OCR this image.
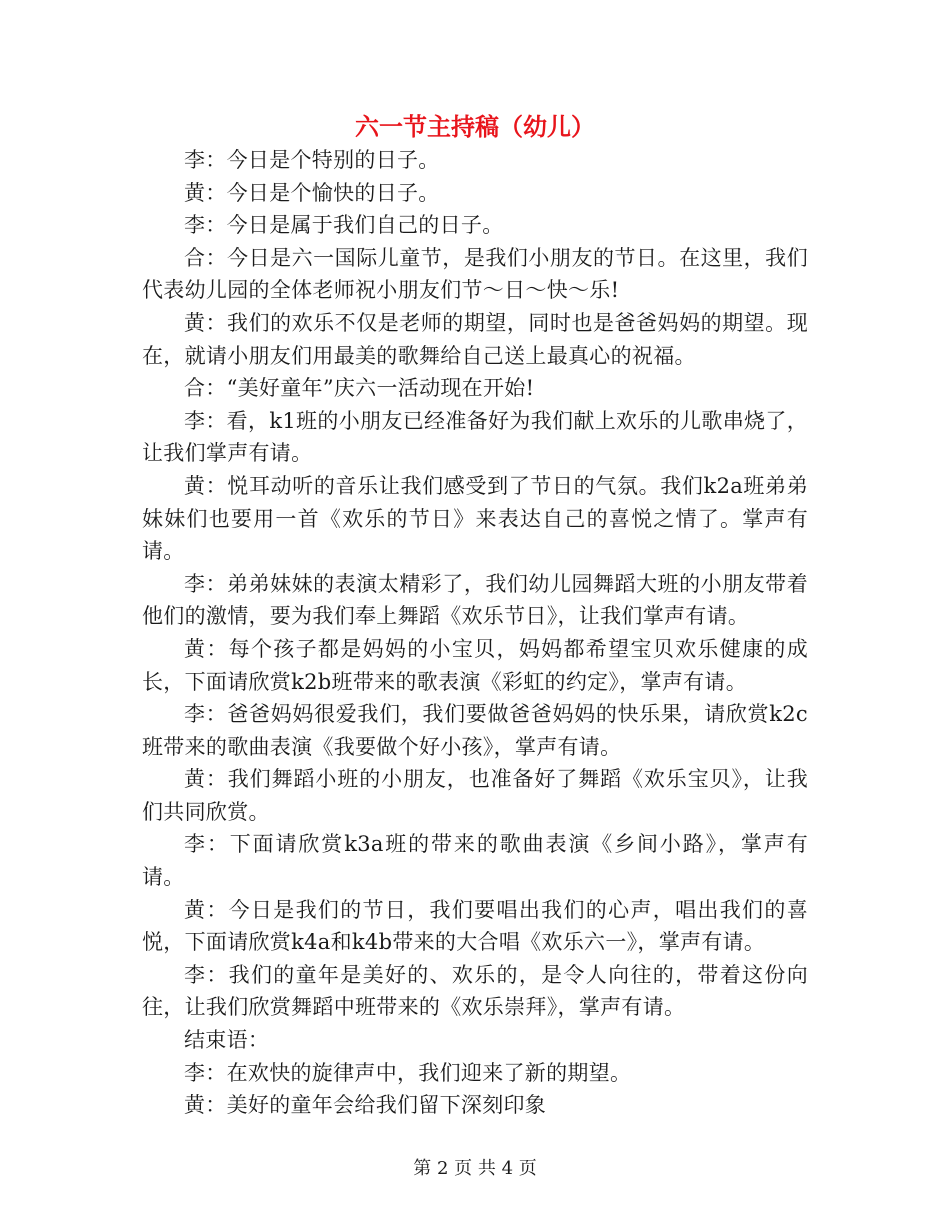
六一节主持稿（幼儿）

李：今日是个特别的日子。

黄：今日是个愉快的日子。

李：今日是属于我们自己的日子。

合：今日是六一国际儿童节，是我们小朋友的节日。在这里，我们代表幼儿园的全体老师祝小朋友们节～日～快～乐!

黄：我们的欢乐不仅是老师的期望，同时也是爸爸妈妈的期望。现在，就请小朋友们用最美的歌舞给自己送上最真心的祝福。

合：“美好童年”庆六一活动现在开始!

李：看，k1班的小朋友已经准备好为我们献上欢乐的儿歌串烧了，让我们掌声有请。

黄：悦耳动听的音乐让我们感受到了节日的气氛。我们k2a班弟弟妹妹们也要用一首《欢乐的节日》来表达自己的喜悦之情了。掌声有请。

李：弟弟妹妹的表演太精彩了，我们幼儿园舞蹈大班的小朋友带着他们的激情，要为我们奉上舞蹈《欢乐节日》，让我们掌声有请。

黄：每个孩子都是妈妈的小宝贝，妈妈都希望宝贝欢乐健康的成长，下面请欣赏k2b班带来的歌表演《彩虹的约定》，掌声有请。

李：爸爸妈妈很爱我们，我们要做爸爸妈妈的快乐果，请欣赏k2c班带来的歌曲表演《我要做个好小孩》，掌声有请。

黄：我们舞蹈小班的小朋友，也准备好了舞蹈《欢乐宝贝》，让我们共同欣赏。

李：下面请欣赏k3a班的带来的歌曲表演《乡间小路》，掌声有请。

黄：今日是我们的节日，我们要唱出我们的心声，唱出我们的喜悦，下面请欣赏k4a和k4b带来的大合唱《欢乐六一》，掌声有请。

李：我们的童年是美好的、欢乐的，是令人向往的，带着这份向往，让我们欣赏舞蹈中班带来的《欢乐崇拜》，掌声有请。

结束语：

李：在欢快的旋律声中，我们迎来了新的期望。

黄：美好的童年会给我们留下深刻印象

第 2 页 共 4 页
